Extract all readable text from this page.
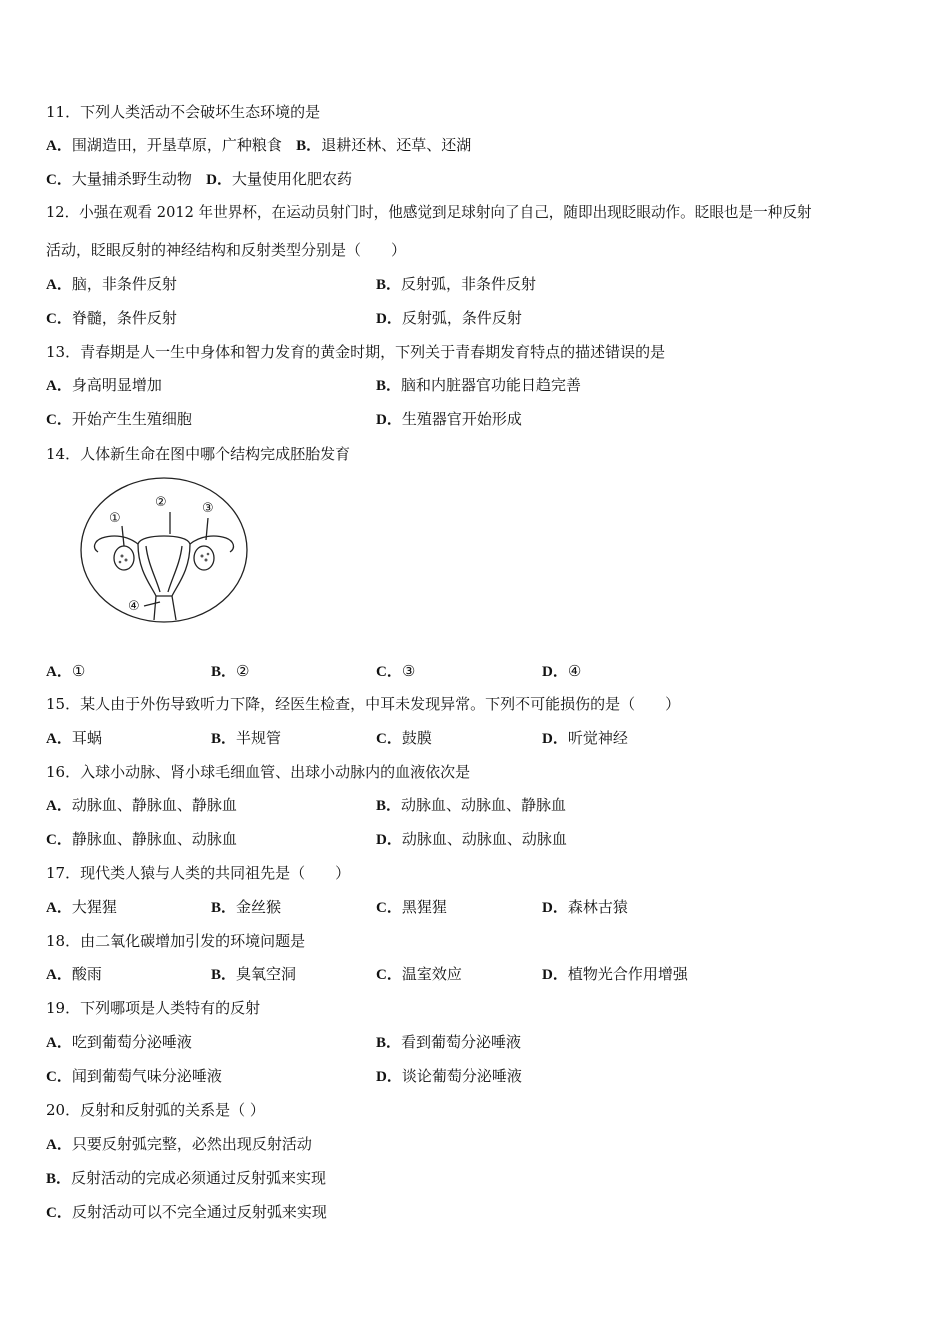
11．下列人类活动不会破坏生态环境的是
A．围湖造田，开垦草原，广种粮食 B．退耕还林、还草、还湖
C．大量捕杀野生动物 D．大量使用化肥农药
12．小强在观看 2012 年世界杯，在运动员射门时，他感觉到足球射向了自己，随即出现眨眼动作。眨眼也是一种反射
活动，眨眼反射的神经结构和反射类型分别是（　　）
A．脑，非条件反射	B．反射弧，非条件反射
C．脊髓，条件反射	D．反射弧，条件反射
13．青春期是人一生中身体和智力发育的黄金时期，下列关于青春期发育特点的描述错误的是
A．身高明显增加	B．脑和内脏器官功能日趋完善
C．开始产生生殖细胞	D．生殖器官开始形成
14．人体新生命在图中哪个结构完成胚胎发育
①
②	③
④
A．①	B．②	C．③	D．④
15．某人由于外伤导致听力下降，经医生检查，中耳未发现异常。下列不可能损伤的是（　　）
A．耳蜗	B．半规管	C．鼓膜	D．听觉神经
16．入球小动脉、肾小球毛细血管、出球小动脉内的血液依次是
A．动脉血、静脉血、静脉血	B．动脉血、动脉血、静脉血
C．静脉血、静脉血、动脉血	D．动脉血、动脉血、动脉血
17．现代类人猿与人类的共同祖先是（　　）
A．大猩猩	B．金丝猴	C．黑猩猩	D．森林古猿
18．由二氧化碳增加引发的环境问题是
A．酸雨	B．臭氧空洞	C．温室效应	D．植物光合作用增强
19．下列哪项是人类特有的反射
A．吃到葡萄分泌唾液	B．看到葡萄分泌唾液
C．闻到葡萄气味分泌唾液	D．谈论葡萄分泌唾液
20．反射和反射弧的关系是（ ）
A．只要反射弧完整，必然出现反射活动
B．反射活动的完成必须通过反射弧来实现
C．反射活动可以不完全通过反射弧来实现
